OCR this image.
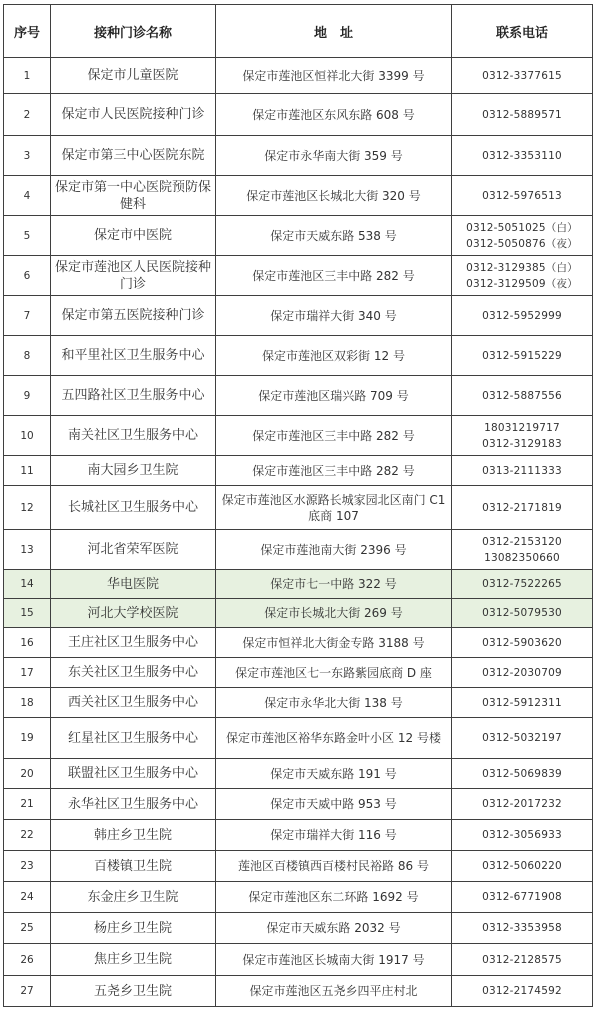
序号	接种门诊名称	地　址	联系电话
1	保定市儿童医院	保定市莲池区恒祥北大街 3399 号	0312-3377615

2	保定市人民医院接种门诊	保定市莲池区东风东路 608 号	0312-5889571

3	保定市第三中心医院东院	保定市永华南大街 359 号	0312-3353110

4	保定市第一中心医院预防保健科	保定市莲池区长城北大街 320 号	0312-5976513

5	保定市中医院	保定市天威东路 538 号	0312-5051025（白）
0312-5050876（夜）

6	保定市莲池区人民医院接种门诊	保定市莲池区三丰中路 282 号	0312-3129385（白）
0312-3129509（夜）

7	保定市第五医院接种门诊	保定市瑞祥大街 340 号	0312-5952999

8	和平里社区卫生服务中心	保定市莲池区双彩街 12 号	0312-5915229

9	五四路社区卫生服务中心	保定市莲池区瑞兴路 709 号	0312-5887556

10	南关社区卫生服务中心	保定市莲池区三丰中路 282 号	18031219717
0312-3129183

11	南大园乡卫生院	保定市莲池区三丰中路 282 号	0313-2111333

12	长城社区卫生服务中心	保定市莲池区水源路长城家园北区南门 C1 底商 107	0312-2171819

13	河北省荣军医院	保定市莲池南大街 2396 号	0312-2153120
13082350660

14	华电医院	保定市七一中路 322 号	0312-7522265

15	河北大学校医院	保定市长城北大街 269 号	0312-5079530

16	王庄社区卫生服务中心	保定市恒祥北大街金专路 3188 号	0312-5903620

17	东关社区卫生服务中心	保定市莲池区七一东路紫园底商 D 座	0312-2030709

18	西关社区卫生服务中心	保定市永华北大街 138 号	0312-5912311

19	红星社区卫生服务中心	保定市莲池区裕华东路金叶小区 12 号楼	0312-5032197

20	联盟社区卫生服务中心	保定市天威东路 191 号	0312-5069839

21	永华社区卫生服务中心	保定市天威中路 953 号	0312-2017232

22	韩庄乡卫生院	保定市瑞祥大街 116 号	0312-3056933

23	百楼镇卫生院	莲池区百楼镇西百楼村民裕路 86 号	0312-5060220

24	东金庄乡卫生院	保定市莲池区东二环路 1692 号	0312-6771908

25	杨庄乡卫生院	保定市天威东路 2032 号	0312-3353958

26	焦庄乡卫生院	保定市莲池区长城南大街 1917 号	0312-2128575

27	五尧乡卫生院	保定市莲池区五尧乡四平庄村北	0312-2174592
